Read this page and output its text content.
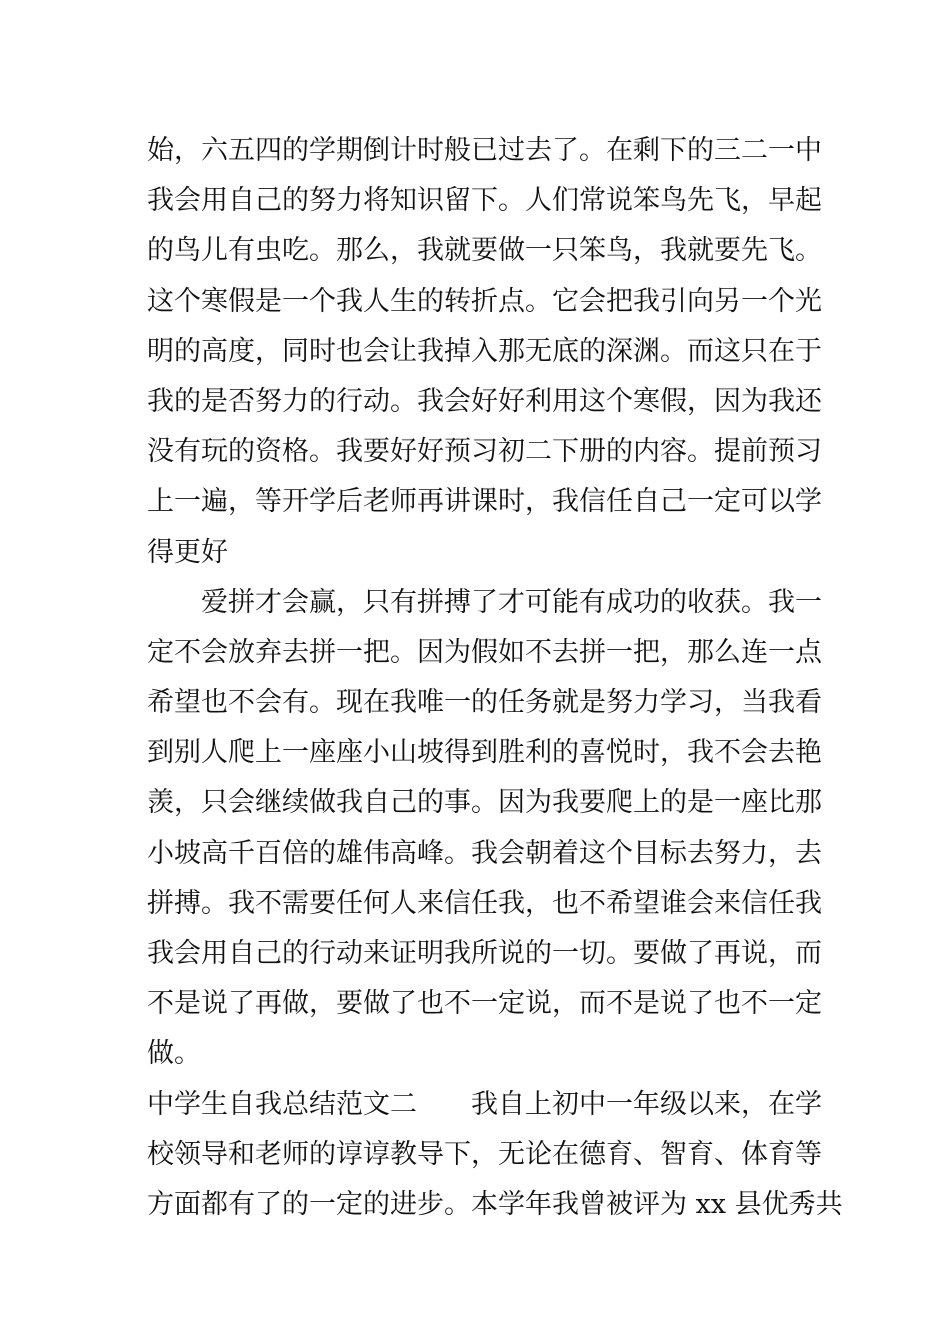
始，六五四的学期倒计时般已过去了。在剩下的三二一中
我会用自己的努力将知识留下。人们常说笨鸟先飞，早起
的鸟儿有虫吃。那么，我就要做一只笨鸟，我就要先飞。
这个寒假是一个我人生的转折点。它会把我引向另一个光
明的高度，同时也会让我掉入那无底的深渊。而这只在于
我的是否努力的行动。我会好好利用这个寒假，因为我还
没有玩的资格。我要好好预习初二下册的内容。提前预习
上一遍，等开学后老师再讲课时，我信任自己一定可以学
得更好
爱拼才会赢，只有拼搏了才可能有成功的收获。我一
定不会放弃去拼一把。因为假如不去拼一把，那么连一点
希望也不会有。现在我唯一的任务就是努力学习，当我看
到别人爬上一座座小山坡得到胜利的喜悦时，我不会去艳
羡，只会继续做我自己的事。因为我要爬上的是一座比那
小坡高千百倍的雄伟高峰。我会朝着这个目标去努力，去
拼搏。我不需要任何人来信任我，也不希望谁会来信任我
我会用自己的行动来证明我所说的一切。要做了再说，而
不是说了再做，要做了也不一定说，而不是说了也不一定
做。
中学生自我总结范文二 我自上初中一年级以来，在学
校领导和老师的谆谆教导下，无论在德育、智育、体育等
方面都有了的一定的进步。本学年我曾被评为 xx 县优秀共
